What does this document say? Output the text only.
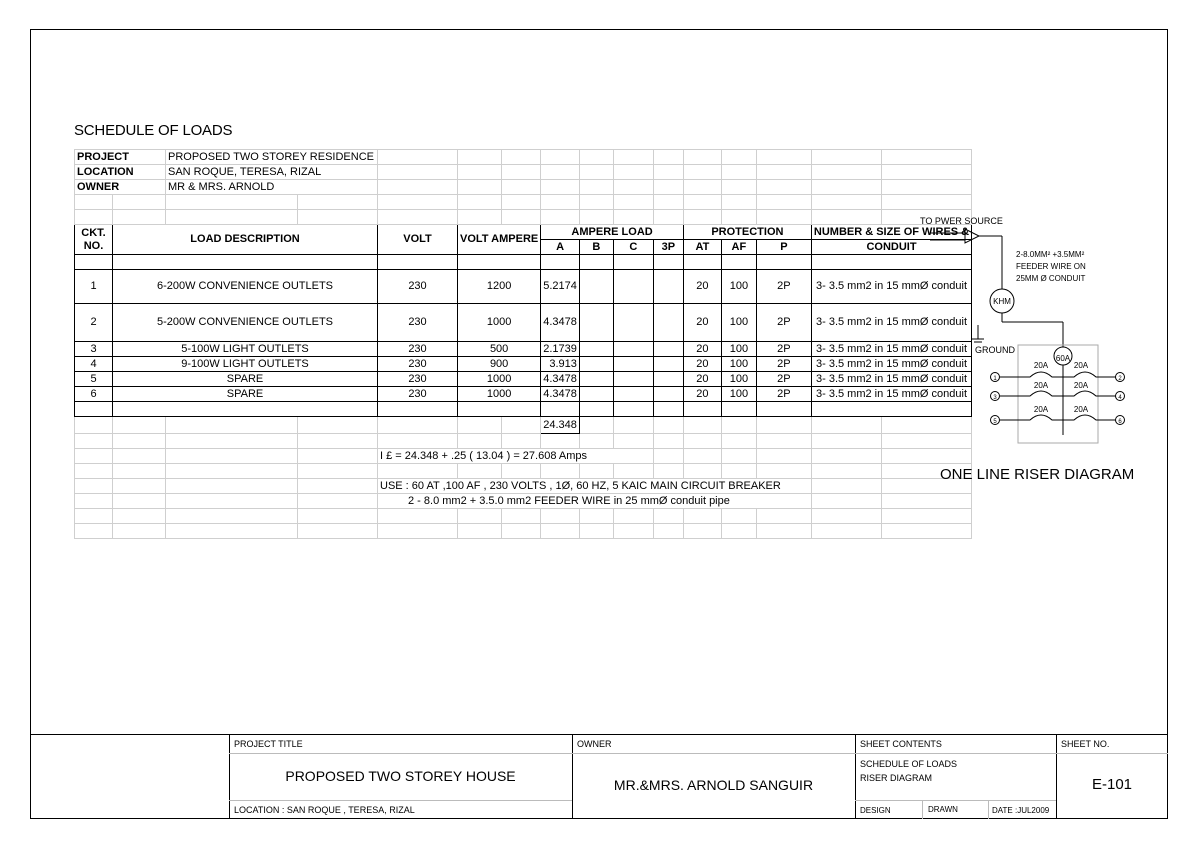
SCHEDULE OF LOADS
PROJECT		PROPOSED TWO STOREY RESIDENCE													
LOCATION		SAN ROQUE, TERESA, RIZAL													
OWNER		MR & MRS. ARNOLD													

CKT.
NO.	LOAD DESCRIPTION			VOLT	VOLT AMPERE		AMPERE LOAD				PROTECTION			NUMBER & SIZE OF WIRES &	
							A	B	C	3P	AT	AF	P	CONDUIT	

1	6-200W CONVENIENCE OUTLETS			230	1200		5.2174				20	100	2P	3- 3.5 mm2 in 15 mmØ conduit	
2	5-200W CONVENIENCE OUTLETS			230	1000		4.3478				20	100	2P	3- 3.5 mm2 in 15 mmØ conduit	
3	5-100W LIGHT OUTLETS			230	500		2.1739				20	100	2P	3- 3.5 mm2 in 15 mmØ conduit	
4	9-100W LIGHT OUTLETS			230	900		3.913				20	100	2P	3- 3.5 mm2 in 15 mmØ conduit	
5	SPARE			230	1000		4.3478				20	100	2P	3- 3.5 mm2 in 15 mmØ conduit	
6	SPARE			230	1000		4.3478				20	100	2P	3- 3.5 mm2 in 15 mmØ conduit	

							24.348								

				I £ = 24.348 + .25 ( 13.04 ) = 27.608 Amps											

				USE : 60 AT ,100 AF , 230 VOLTS , 1Ø, 60 HZ, 5 KAIC MAIN CIRCUIT BREAKER											
				2 - 8.0 mm2 + 3.5.0 mm2 FEEDER WIRE in 25 mmØ conduit pipe											

TO PWER SOURCE
2-8.0MM² +3.5MM²
FEEDER WIRE ON
25MM Ø CONDUIT
KHM
GROUND
60A
20A	20A
1	2
20A	20A
3	4
20A	20A
5	6
ONE LINE RISER DIAGRAM
PROJECT TITLE
PROPOSED TWO STOREY HOUSE
LOCATION : SAN ROQUE , TERESA, RIZAL
OWNER
MR.&MRS. ARNOLD SANGUIR
SHEET CONTENTS
SCHEDULE OF LOADS
RISER DIAGRAM
DESIGN	DRAWN	DATE :JUL2009
SHEET NO.
E-101
